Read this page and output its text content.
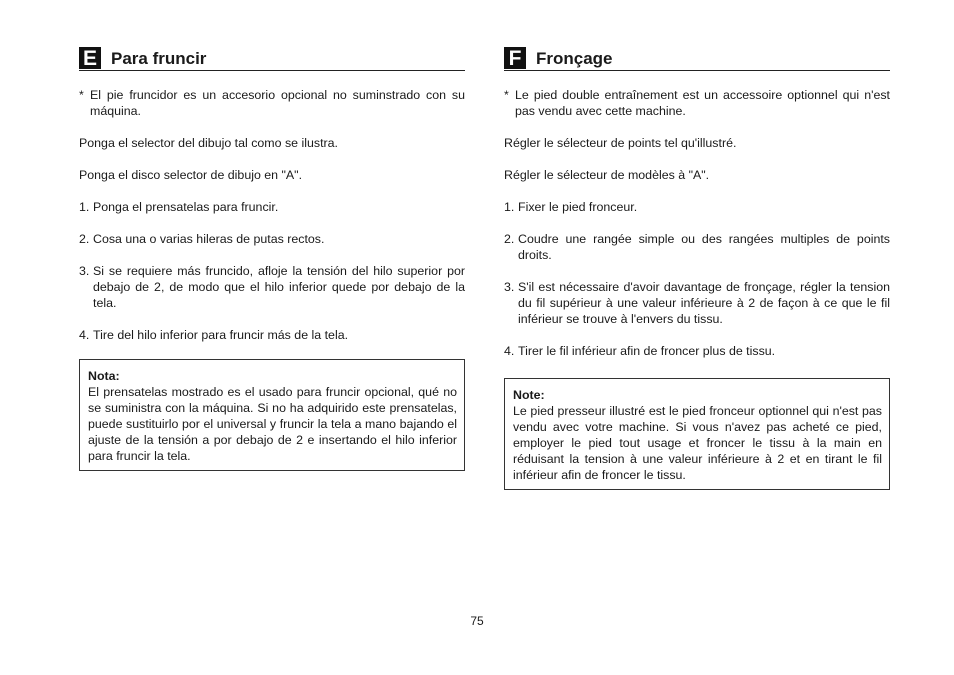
E Para fruncir
* El pie fruncidor es un accesorio opcional no suminstrado con su máquina.

Ponga el selector del dibujo tal como se ilustra.

Ponga el disco selector de dibujo en "A".

1. Ponga el prensatelas para fruncir.
2. Cosa una o varias hileras de putas rectos.
3. Si se requiere más fruncido, afloje la tensión del hilo superior por debajo de 2, de modo que el hilo inferior quede por debajo de la tela.
4. Tire del hilo inferior para fruncir más de la tela.
Nota:
El prensatelas mostrado es el usado para fruncir opcional, qué no se suministra con la máquina. Si no ha adquirido este prensatelas, puede sustituirlo por el universal y fruncir la tela a mano bajando el ajuste de la tensión a por debajo de 2 e insertando el hilo inferior para fruncir la tela.
F Fronçage
* Le pied double entraînement est un accessoire optionnel qui n'est pas vendu avec cette machine.

Régler le sélecteur de points tel qu'illustré.

Régler le sélecteur de modèles à "A".

1. Fixer le pied fronceur.
2. Coudre une rangée simple ou des rangées multiples de points droits.
3. S'il est nécessaire d'avoir davantage de fronçage, régler la tension du fil supérieur à une valeur inférieure à 2 de façon à ce que le fil inférieur se trouve à l'envers du tissu.
4. Tirer le fil inférieur afin de froncer plus de tissu.
Note:
Le pied presseur illustré est le pied fronceur optionnel qui n'est pas vendu avec votre machine. Si vous n'avez pas acheté ce pied, employer le pied tout usage et froncer le tissu à la main en réduisant la tension à une valeur inférieure à 2 et en tirant le fil inférieur afin de froncer le tissu.
75
